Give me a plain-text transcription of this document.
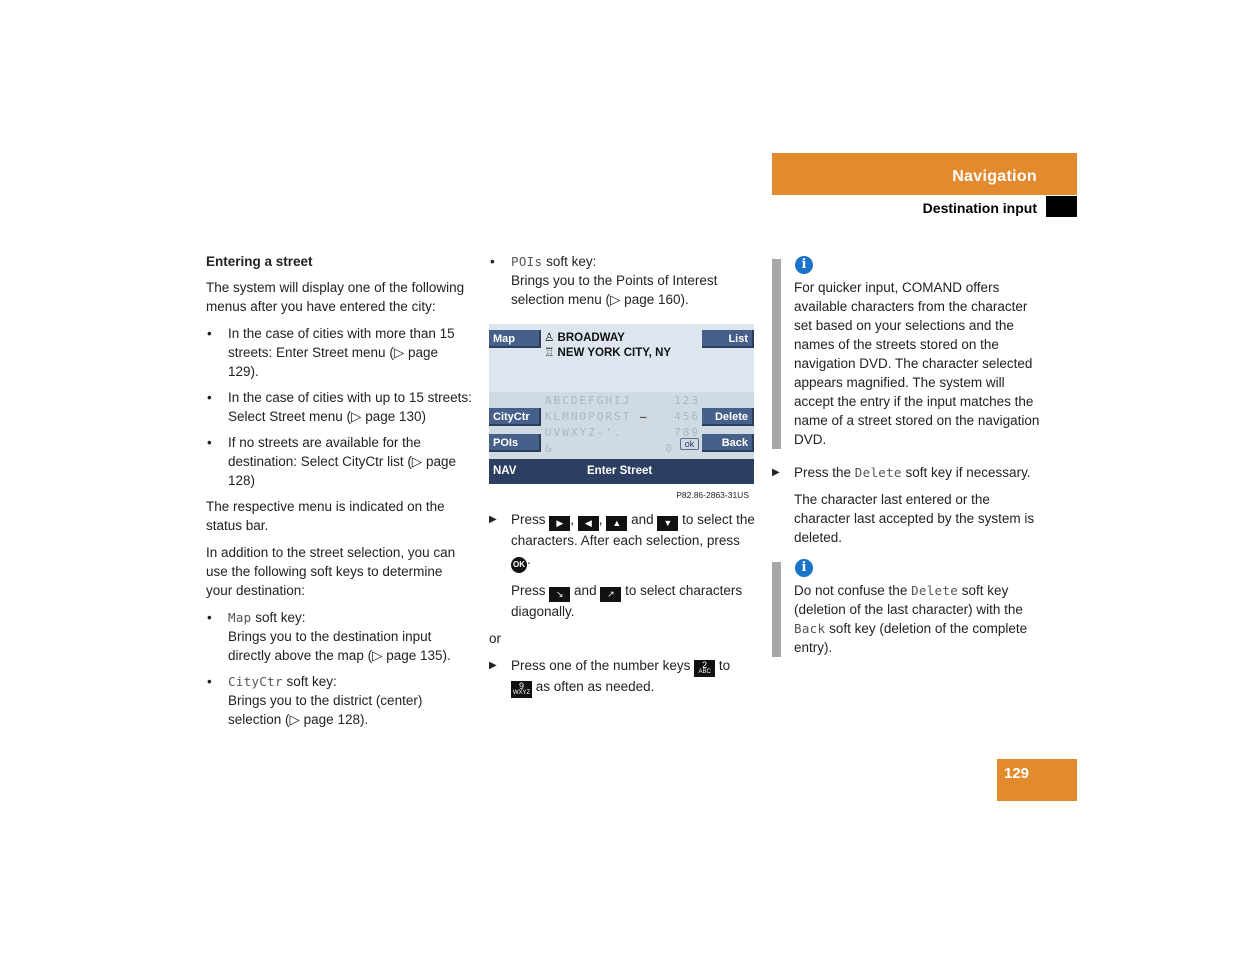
Navigation
Destination input
Entering a street

The system will display one of the following menus after you have entered the city:

• In the case of cities with more than 15 streets: Enter Street menu (▷ page 129).
• In the case of cities with up to 15 streets: Select Street menu (▷ page 130)
• If no streets are available for the destination: Select CityCtr list (▷ page 128)

The respective menu is indicated on the status bar.

In addition to the street selection, you can use the following soft keys to determine your destination:

• Map soft key:
Brings you to the destination input directly above the map (▷ page 135).
• CityCtr soft key:
Brings you to the district (center) selection (▷ page 128).
• POIs soft key:
Brings you to the Points of Interest selection menu (▷ page 160).
Map	List
♙ BROADWAY
♖ NEW YORK CITY, NY
ABCDEFGHIJ
KLMNOPQRST –
UVWXYZ-'.
&
123
456
789
0	ok
CityCtr	Delete
POIs	Back
NAV	Enter Street
P82.86-2863-31US
▶ Press ▶ , ◀ , ▲ and ▼ to select the characters. After each selection, press OK .

Press ↘ and ↗ to select characters diagonally.

or

▶ Press one of the number keys 2
ABC to
9
WXYZ as often as needed.
i

For quicker input, COMAND offers available characters from the character set based on your selections and the names of the streets stored on the navigation DVD. The character selected appears magnified. The system will accept the entry if the input matches the name of a street stored on the navigation DVD.

▶ Press the Delete soft key if necessary.

The character last entered or the character last accepted by the system is deleted.

i

Do not confuse the Delete soft key (deletion of the last character) with the Back soft key (deletion of the complete entry).

129
